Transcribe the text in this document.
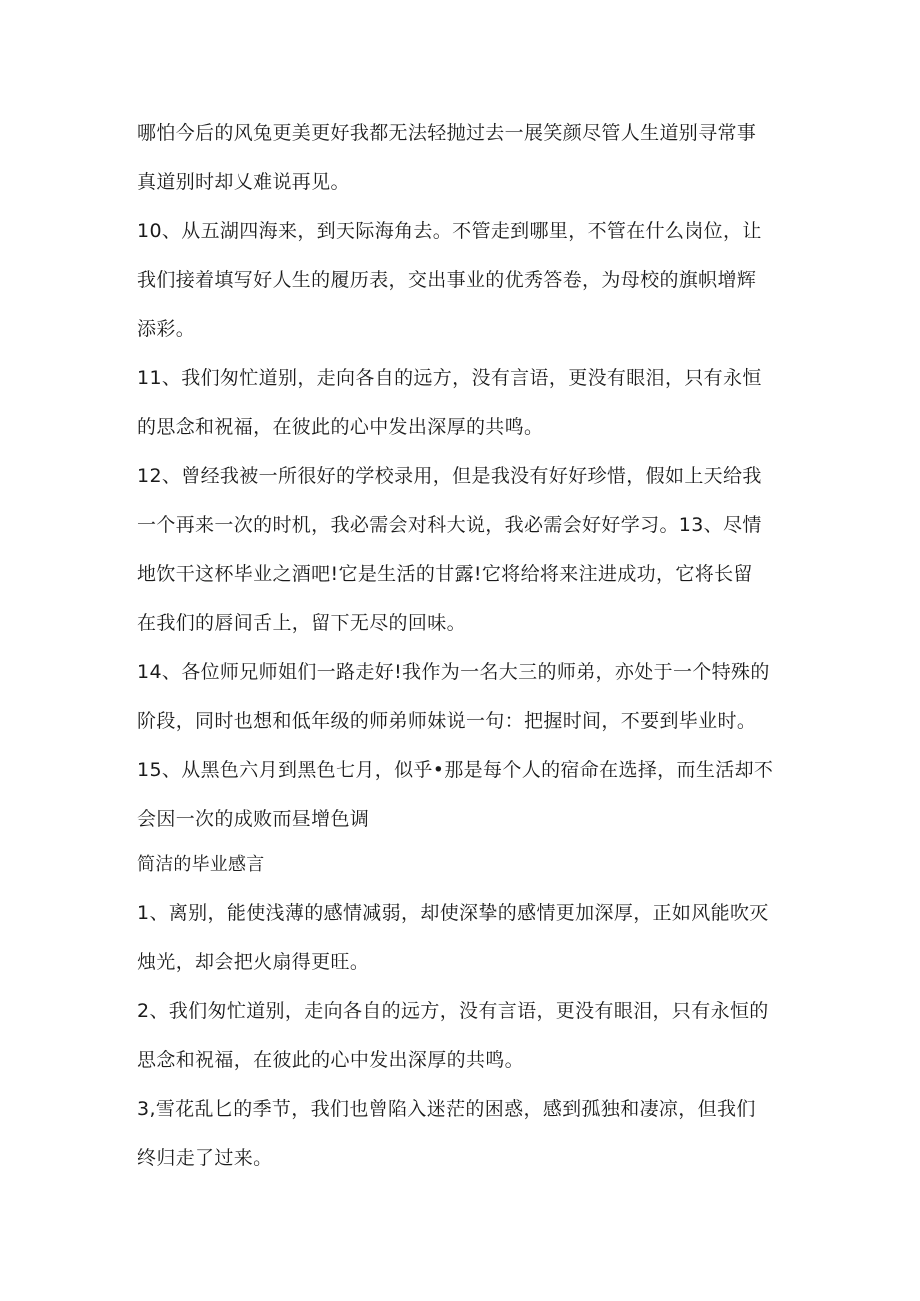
哪怕今后的风兔更美更好我都无法轻抛过去一展笑颜尽管人生道别寻常事
真道别时却乂难说再见。
10、从五湖四海来，到天际海角去。不管走到哪里，不管在什么岗位，让
我们接着填写好人生的履历表，交出事业的优秀答卷，为母校的旗帜增辉
添彩。
11、我们匆忙道别，走向各自的远方，没有言语，更没有眼泪，只有永恒
的思念和祝福，在彼此的心中发出深厚的共鸣。
12、曾经我被一所很好的学校录用，但是我没有好好珍惜，假如上天给我
一个再来一次的时机，我必需会对科大说，我必需会好好学习。13、尽情
地饮干这杯毕业之酒吧!它是生活的甘露!它将给将来注进成功，它将长留
在我们的唇间舌上，留下无尽的回味。
14、各位师兄师姐们一路走好!我作为一名大三的师弟，亦处于一个特殊的
阶段，同时也想和低年级的师弟师妹说一句：把握时间，不要到毕业时。
15、从黑色六月到黑色七月，似乎•那是每个人的宿命在选择，而生活却不
会因一次的成败而昼增色调
简洁的毕业感言
1、离别，能使浅薄的感情减弱，却使深挚的感情更加深厚，正如风能吹灭
烛光，却会把火扇得更旺。
2、我们匆忙道别，走向各自的远方，没有言语，更没有眼泪，只有永恒的
思念和祝福，在彼此的心中发出深厚的共鸣。
3,雪花乱匕的季节，我们也曾陷入迷茫的困惑，感到孤独和凄凉，但我们
终归走了过来。
